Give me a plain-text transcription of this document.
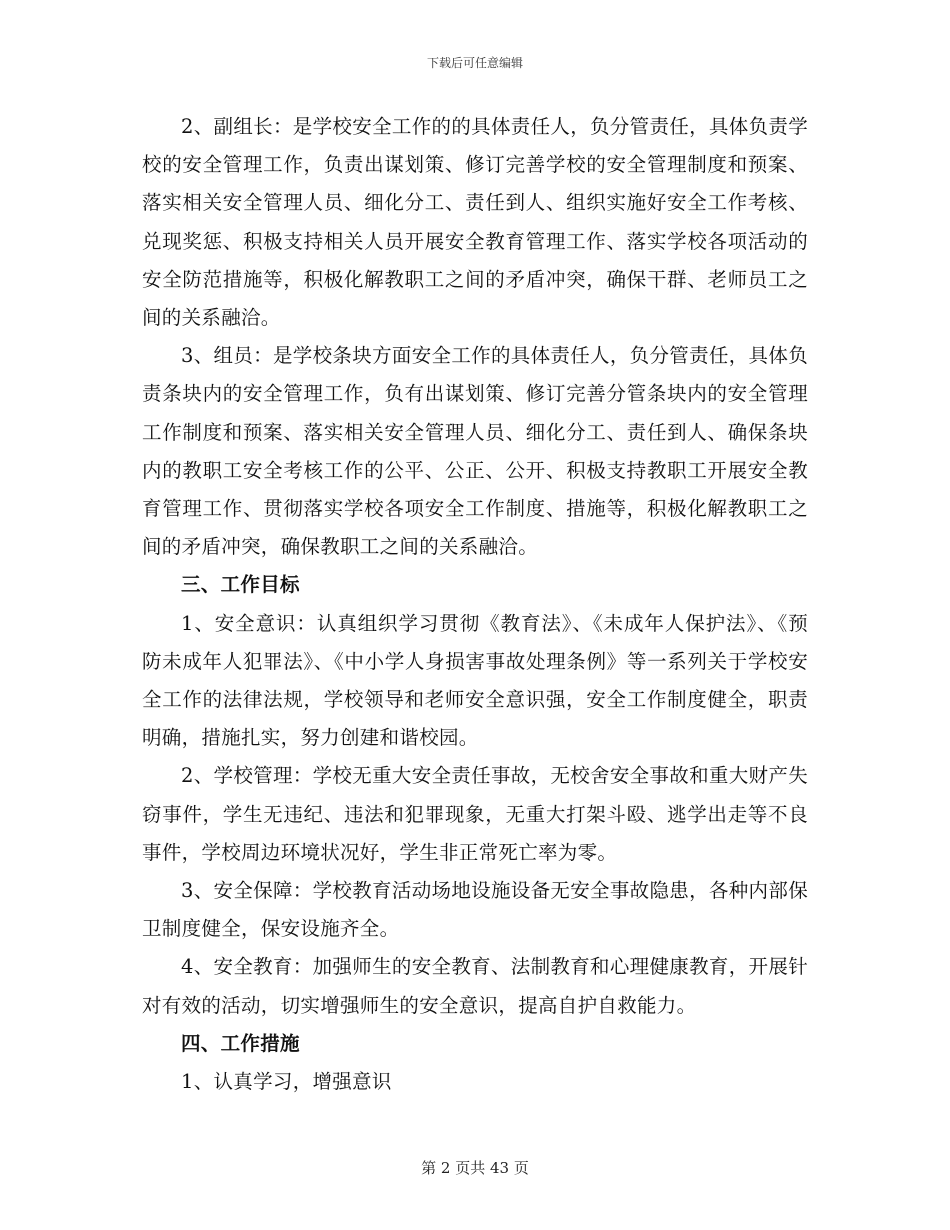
下载后可任意编辑

2、副组长：是学校安全工作的的具体责任人，负分管责任，具体负责学校的安全管理工作，负责出谋划策、修订完善学校的安全管理制度和预案、落实相关安全管理人员、细化分工、责任到人、组织实施好安全工作考核、兑现奖惩、积极支持相关人员开展安全教育管理工作、落实学校各项活动的安全防范措施等，积极化解教职工之间的矛盾冲突，确保干群、老师员工之间的关系融洽。

3、组员：是学校条块方面安全工作的具体责任人，负分管责任，具体负责条块内的安全管理工作，负有出谋划策、修订完善分管条块内的安全管理工作制度和预案、落实相关安全管理人员、细化分工、责任到人、确保条块内的教职工安全考核工作的公平、公正、公开、积极支持教职工开展安全教育管理工作、贯彻落实学校各项安全工作制度、措施等，积极化解教职工之间的矛盾冲突，确保教职工之间的关系融洽。

三、工作目标

1、安全意识：认真组织学习贯彻《教育法》、《未成年人保护法》、《预防未成年人犯罪法》、《中小学人身损害事故处理条例》等一系列关于学校安全工作的法律法规，学校领导和老师安全意识强，安全工作制度健全，职责明确，措施扎实，努力创建和谐校园。

2、学校管理：学校无重大安全责任事故，无校舍安全事故和重大财产失窃事件，学生无违纪、违法和犯罪现象，无重大打架斗殴、逃学出走等不良事件，学校周边环境状况好，学生非正常死亡率为零。

3、安全保障：学校教育活动场地设施设备无安全事故隐患，各种内部保卫制度健全，保安设施齐全。

4、安全教育：加强师生的安全教育、法制教育和心理健康教育，开展针对有效的活动，切实增强师生的安全意识，提高自护自救能力。

四、工作措施

1、认真学习，增强意识

第 2 页共 43 页
